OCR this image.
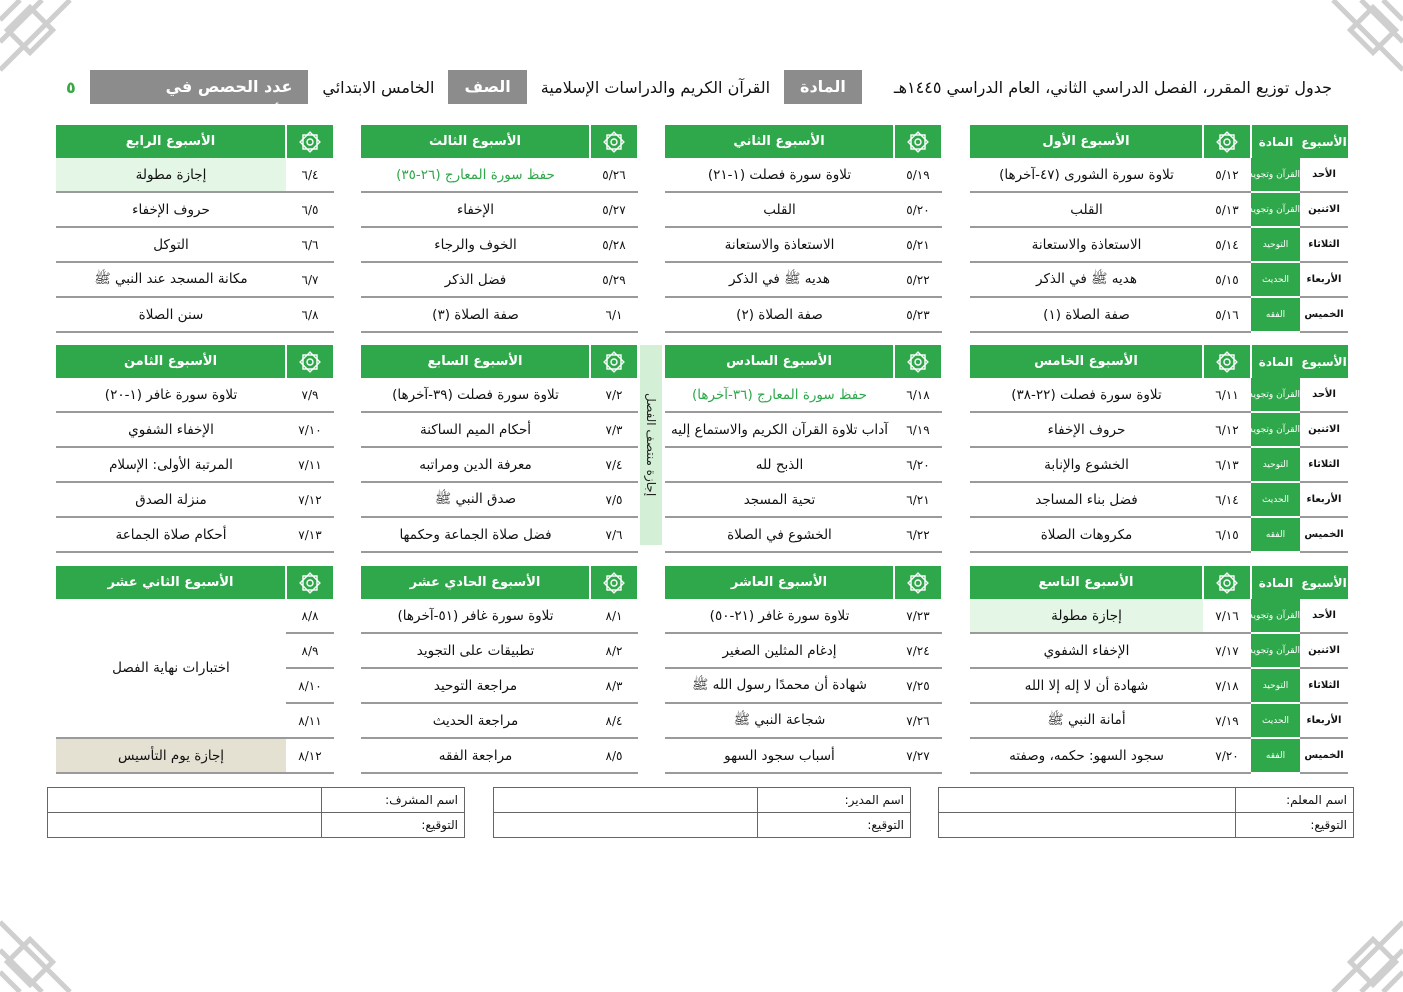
جدول توزيع المقرر، الفصل الدراسي الثاني، العام الدراسي ١٤٤٥هـ
المادة
القرآن الكريم والدراسات الإسلامية
الصف
الخامس الابتدائي
عدد الحصص في الأسبوع
٥
إجازة منتصف الفصل
الأسبوع	المادة		الأسبوع الأول
الأحد	القرآن وتجويده	٥/١٢	تلاوة سورة الشورى (٤٧-آخرها)
الاثنين	القرآن وتجويده	٥/١٣	القلب
الثلاثاء	التوحيد	٥/١٤	الاستعاذة والاستعانة
الأربعاء	الحديث	٥/١٥	هديه ﷺ في الذكر
الخميس	الفقه	٥/١٦	صفة الصلاة (١)
	الأسبوع الثاني
٥/١٩	تلاوة سورة فصلت (١-٢١)
٥/٢٠	القلب
٥/٢١	الاستعاذة والاستعانة
٥/٢٢	هديه ﷺ في الذكر
٥/٢٣	صفة الصلاة (٢)
	الأسبوع الثالث
٥/٢٦	حفظ سورة المعارج (٢٦-٣٥)
٥/٢٧	الإخفاء
٥/٢٨	الخوف والرجاء
٥/٢٩	فضل الذكر
٦/١	صفة الصلاة (٣)
	الأسبوع الرابع
٦/٤	إجازة مطولة
٦/٥	حروف الإخفاء
٦/٦	التوكل
٦/٧	مكانة المسجد عند النبي ﷺ
٦/٨	سنن الصلاة
الأسبوع	المادة		الأسبوع الخامس
الأحد	القرآن وتجويده	٦/١١	تلاوة سورة فصلت (٢٢-٣٨)
الاثنين	القرآن وتجويده	٦/١٢	حروف الإخفاء
الثلاثاء	التوحيد	٦/١٣	الخشوع والإنابة
الأربعاء	الحديث	٦/١٤	فضل بناء المساجد
الخميس	الفقه	٦/١٥	مكروهات الصلاة
	الأسبوع السادس
٦/١٨	حفظ سورة المعارج (٣٦-آخرها)
٦/١٩	آداب تلاوة القرآن الكريم والاستماع إليه
٦/٢٠	الذبح لله
٦/٢١	تحية المسجد
٦/٢٢	الخشوع في الصلاة
	الأسبوع السابع
٧/٢	تلاوة سورة فصلت (٣٩-آخرها)
٧/٣	أحكام الميم الساكنة
٧/٤	معرفة الدين ومراتبه
٧/٥	صدق النبي ﷺ
٧/٦	فضل صلاة الجماعة وحكمها
	الأسبوع الثامن
٧/٩	تلاوة سورة غافر (١-٢٠)
٧/١٠	الإخفاء الشفوي
٧/١١	المرتبة الأولى: الإسلام
٧/١٢	منزلة الصدق
٧/١٣	أحكام صلاة الجماعة
الأسبوع	المادة		الأسبوع التاسع
الأحد	القرآن وتجويده	٧/١٦	إجازة مطولة
الاثنين	القرآن وتجويده	٧/١٧	الإخفاء الشفوي
الثلاثاء	التوحيد	٧/١٨	شهادة أن لا إله إلا الله
الأربعاء	الحديث	٧/١٩	أمانة النبي ﷺ
الخميس	الفقه	٧/٢٠	سجود السهو: حكمه، وصفته
	الأسبوع العاشر
٧/٢٣	تلاوة سورة غافر (٢١-٥٠)
٧/٢٤	إدغام المثلين الصغير
٧/٢٥	شهادة أن محمدًا رسول الله ﷺ
٧/٢٦	شجاعة النبي ﷺ
٧/٢٧	أسباب سجود السهو
	الأسبوع الحادي عشر
٨/١	تلاوة سورة غافر (٥١-آخرها)
٨/٢	تطبيقات على التجويد
٨/٣	مراجعة التوحيد
٨/٤	مراجعة الحديث
٨/٥	مراجعة الفقه
	الأسبوع الثاني عشر
٨/٨	اختبارات نهاية الفصل
٨/٩	
٨/١٠	
٨/١١	
٨/١٢	إجازة يوم التأسيس
اسم المعلم:	
التوقيع:	
اسم المدير:	
التوقيع:	
اسم المشرف:	
التوقيع:	
